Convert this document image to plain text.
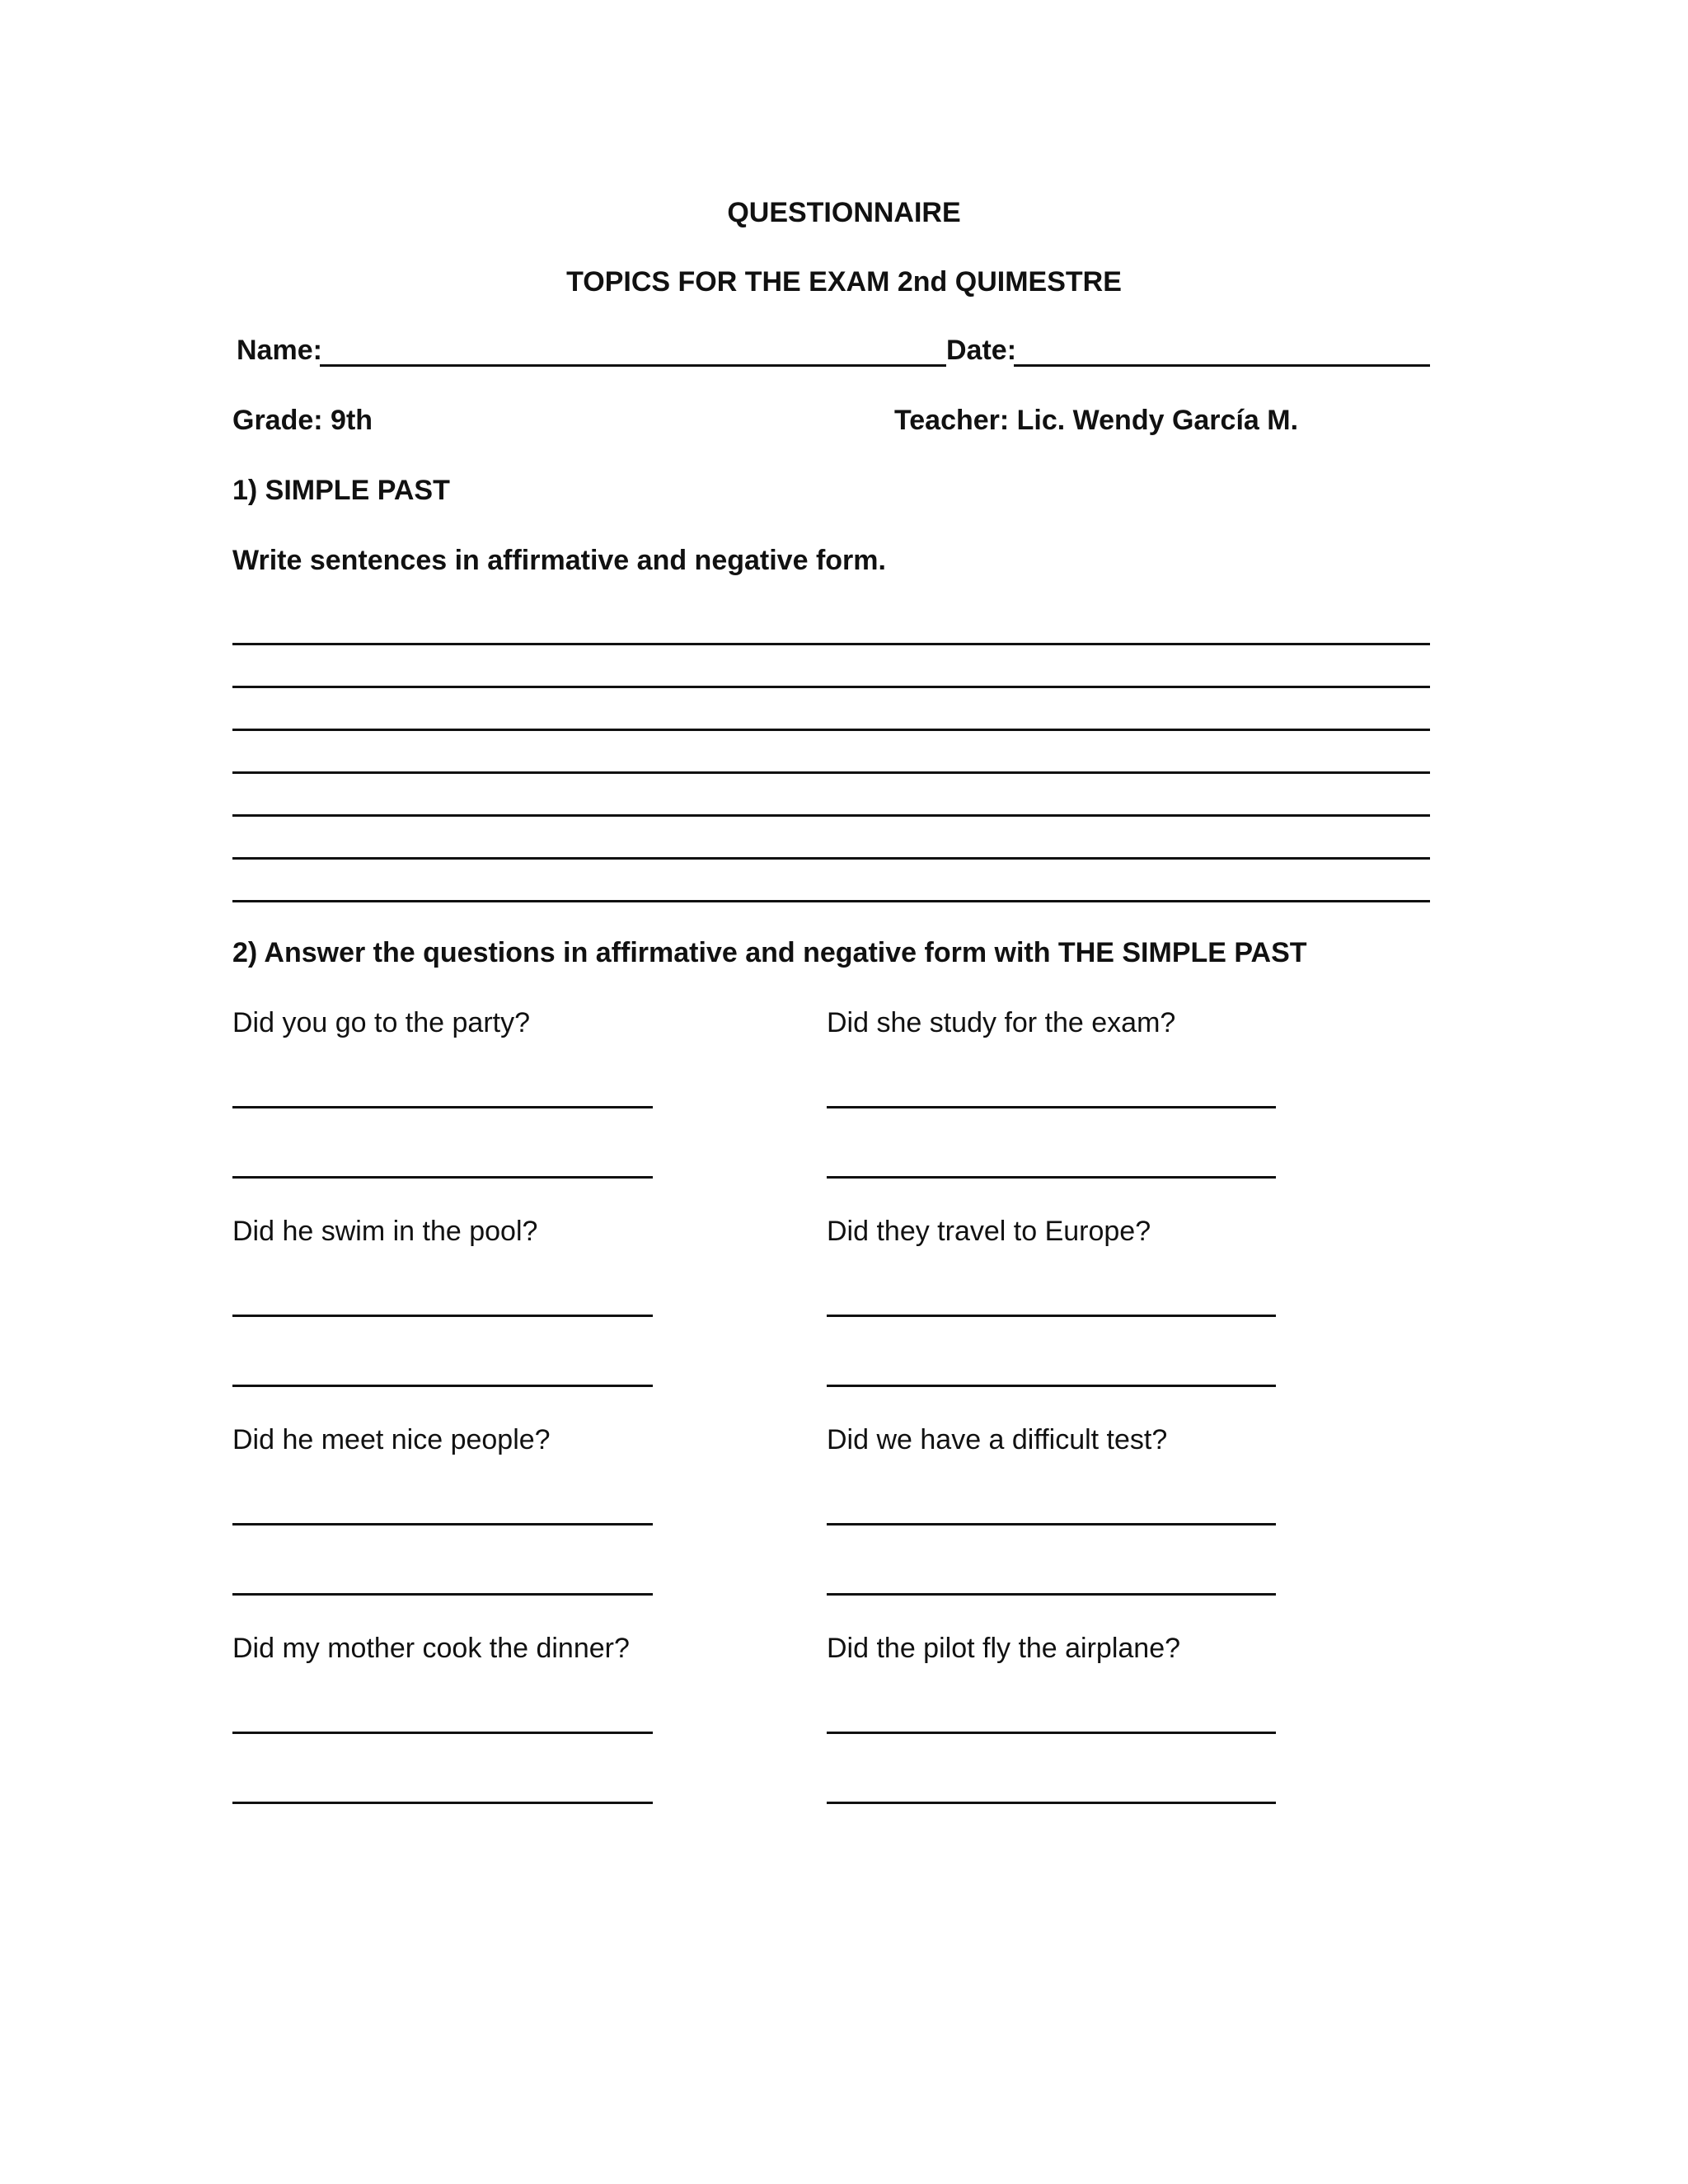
QUESTIONNAIRE
TOPICS FOR THE EXAM 2nd QUIMESTRE
Name:	Date:
Grade: 9th	Teacher: Lic. Wendy García M.
1) SIMPLE PAST
Write sentences in affirmative and negative form.
2) Answer the questions in affirmative and negative form with THE SIMPLE PAST
Did you go to the party?	Did she study for the exam?
Did he swim in the pool?	Did they travel to Europe?
Did he meet nice people?	Did we have a difficult test?
Did my mother cook the dinner?	Did the pilot fly the airplane?
